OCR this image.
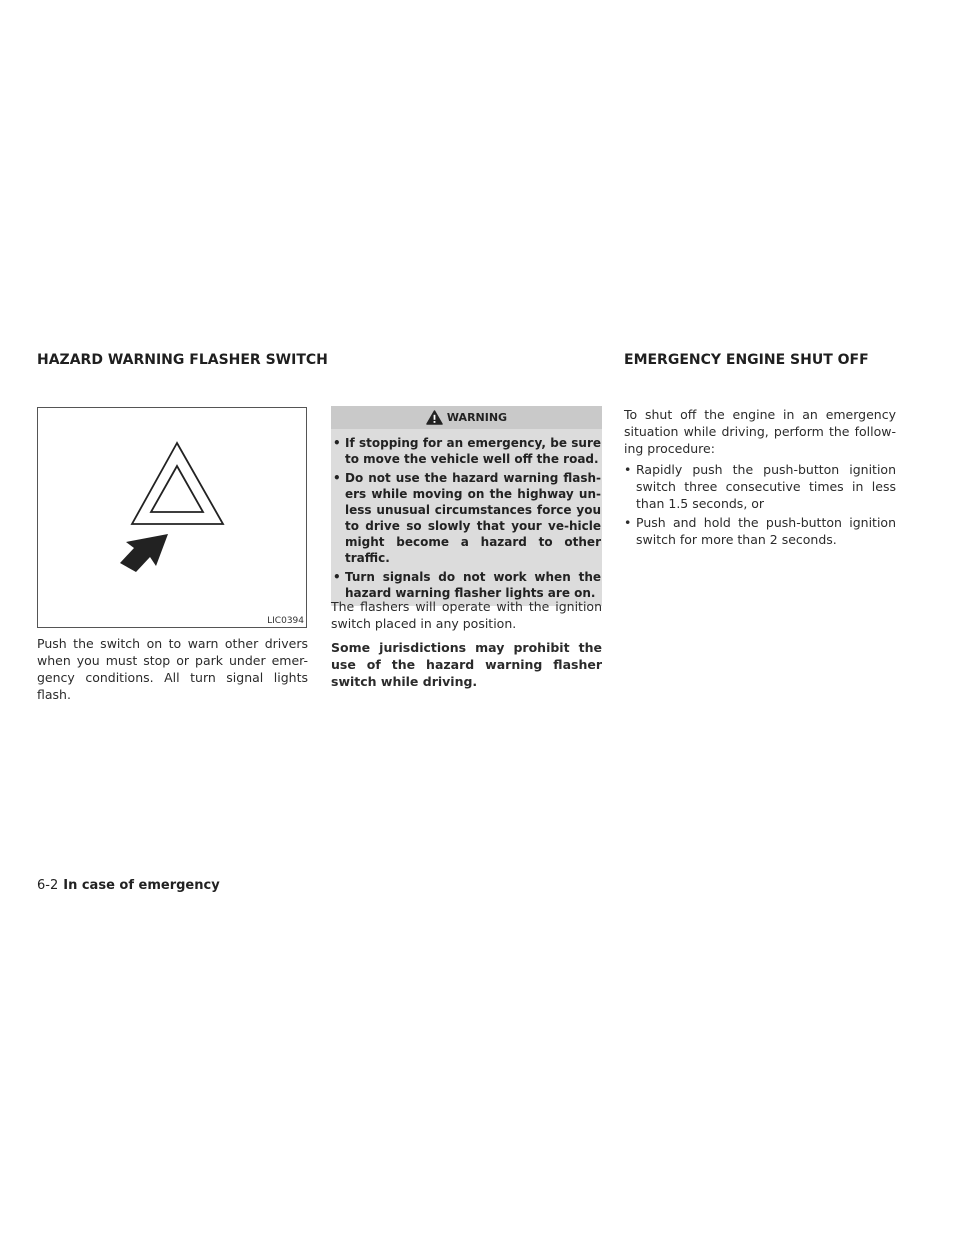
HAZARD WARNING FLASHER SWITCH	EMERGENCY ENGINE SHUT OFF
LIC0394

Push the switch on to warn other drivers when you must stop or park under emer-gency conditions. All turn signal lights flash.

WARNING
• If stopping for an emergency, be sure to move the vehicle well off the road.
• Do not use the hazard warning flash-ers while moving on the highway un-less unusual circumstances force you to drive so slowly that your ve-hicle might become a hazard to other traffic.
• Turn signals do not work when the hazard warning flasher lights are on.

The flashers will operate with the ignition switch placed in any position.

Some jurisdictions may prohibit the use of the hazard warning flasher switch while driving.

To shut off the engine in an emergency situation while driving, perform the follow-ing procedure:

• Rapidly push the push-button ignition switch three consecutive times in less than 1.5 seconds, or
• Push and hold the push-button ignition switch for more than 2 seconds.
6-2 In case of emergency
